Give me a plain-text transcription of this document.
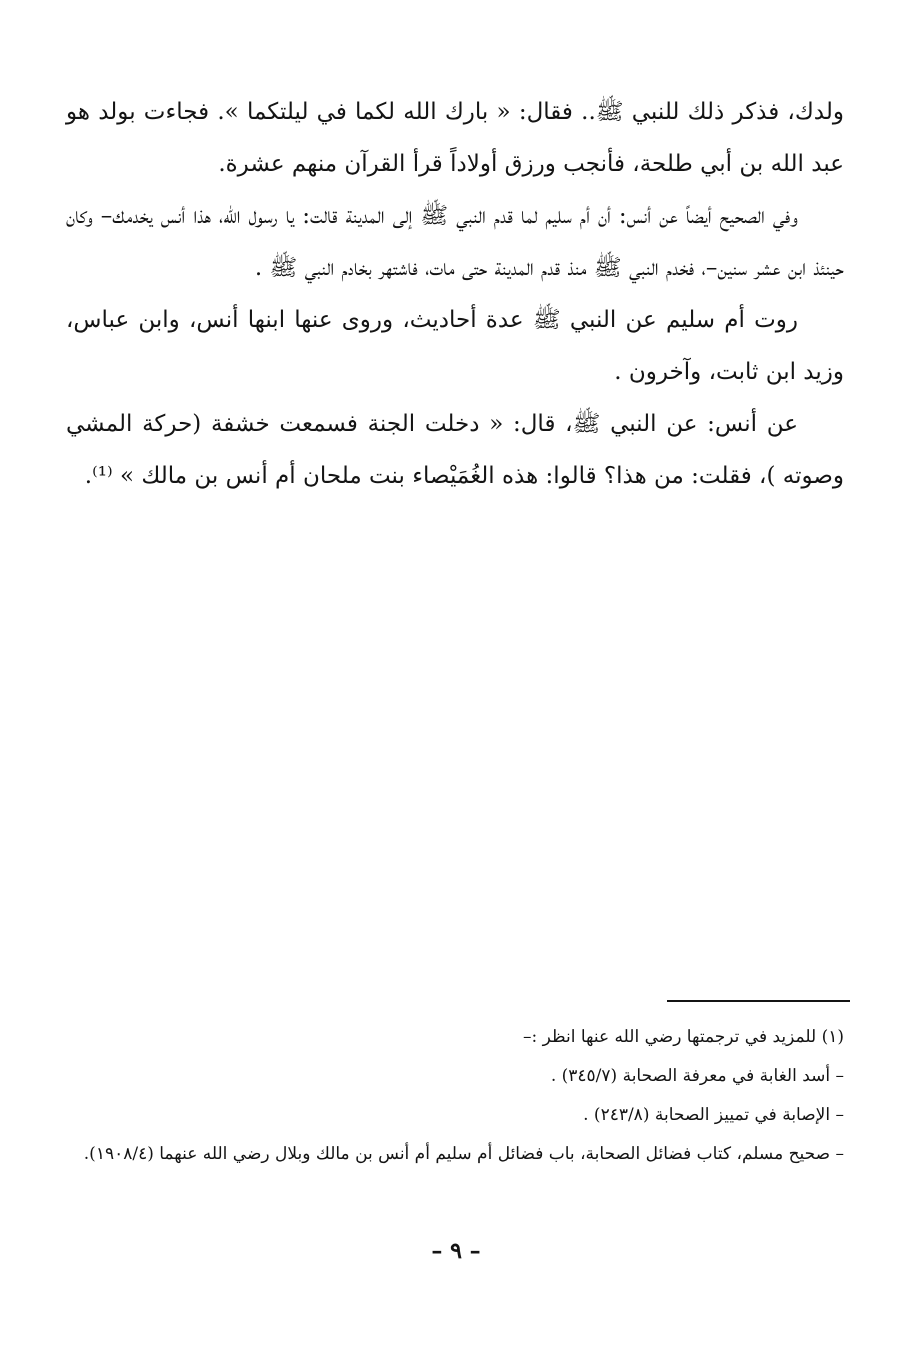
ولدك، فذكر ذلك للنبي ﷺ.. فقال: « بارك الله لكما في ليلتكما ». فجاءت بولد هو عبد الله بن أبي طلحة، فأنجب ورزق أولاداً قرأ القرآن منهم عشرة.

وفي الصحيح أيضاً عن أنس: أن أم سليم لما قدم النبي ﷺ إلى المدينة قالت: يا رسول الله، هذا أنس يخدمك– وكان حينئذ ابن عشر سنين–، فخدم النبي ﷺ منذ قدم المدينة حتى مات، فاشتهر بخادم النبي ﷺ .

روت أم سليم عن النبي ﷺ عدة أحاديث، وروى عنها ابنها أنس، وابن عباس، وزيد ابن ثابت، وآخرون .

عن أنس: عن النبي ﷺ، قال: « دخلت الجنة فسمعت خشفة (حركة المشي وصوته )، فقلت: من هذا؟ قالوا: هذه الغُمَيْصاء بنت ملحان أم أنس بن مالك » ⁽¹⁾.

(١) للمزيد في ترجمتها رضي الله عنها انظر :–

– أسد الغابة في معرفة الصحابة (٣٤٥/٧) .

– الإصابة في تمييز الصحابة (٢٤٣/٨) .

– صحيح مسلم، كتاب فضائل الصحابة، باب فضائل أم سليم أم أنس بن مالك وبلال رضي الله عنهما (١٩٠٨/٤).

– ٩ –
